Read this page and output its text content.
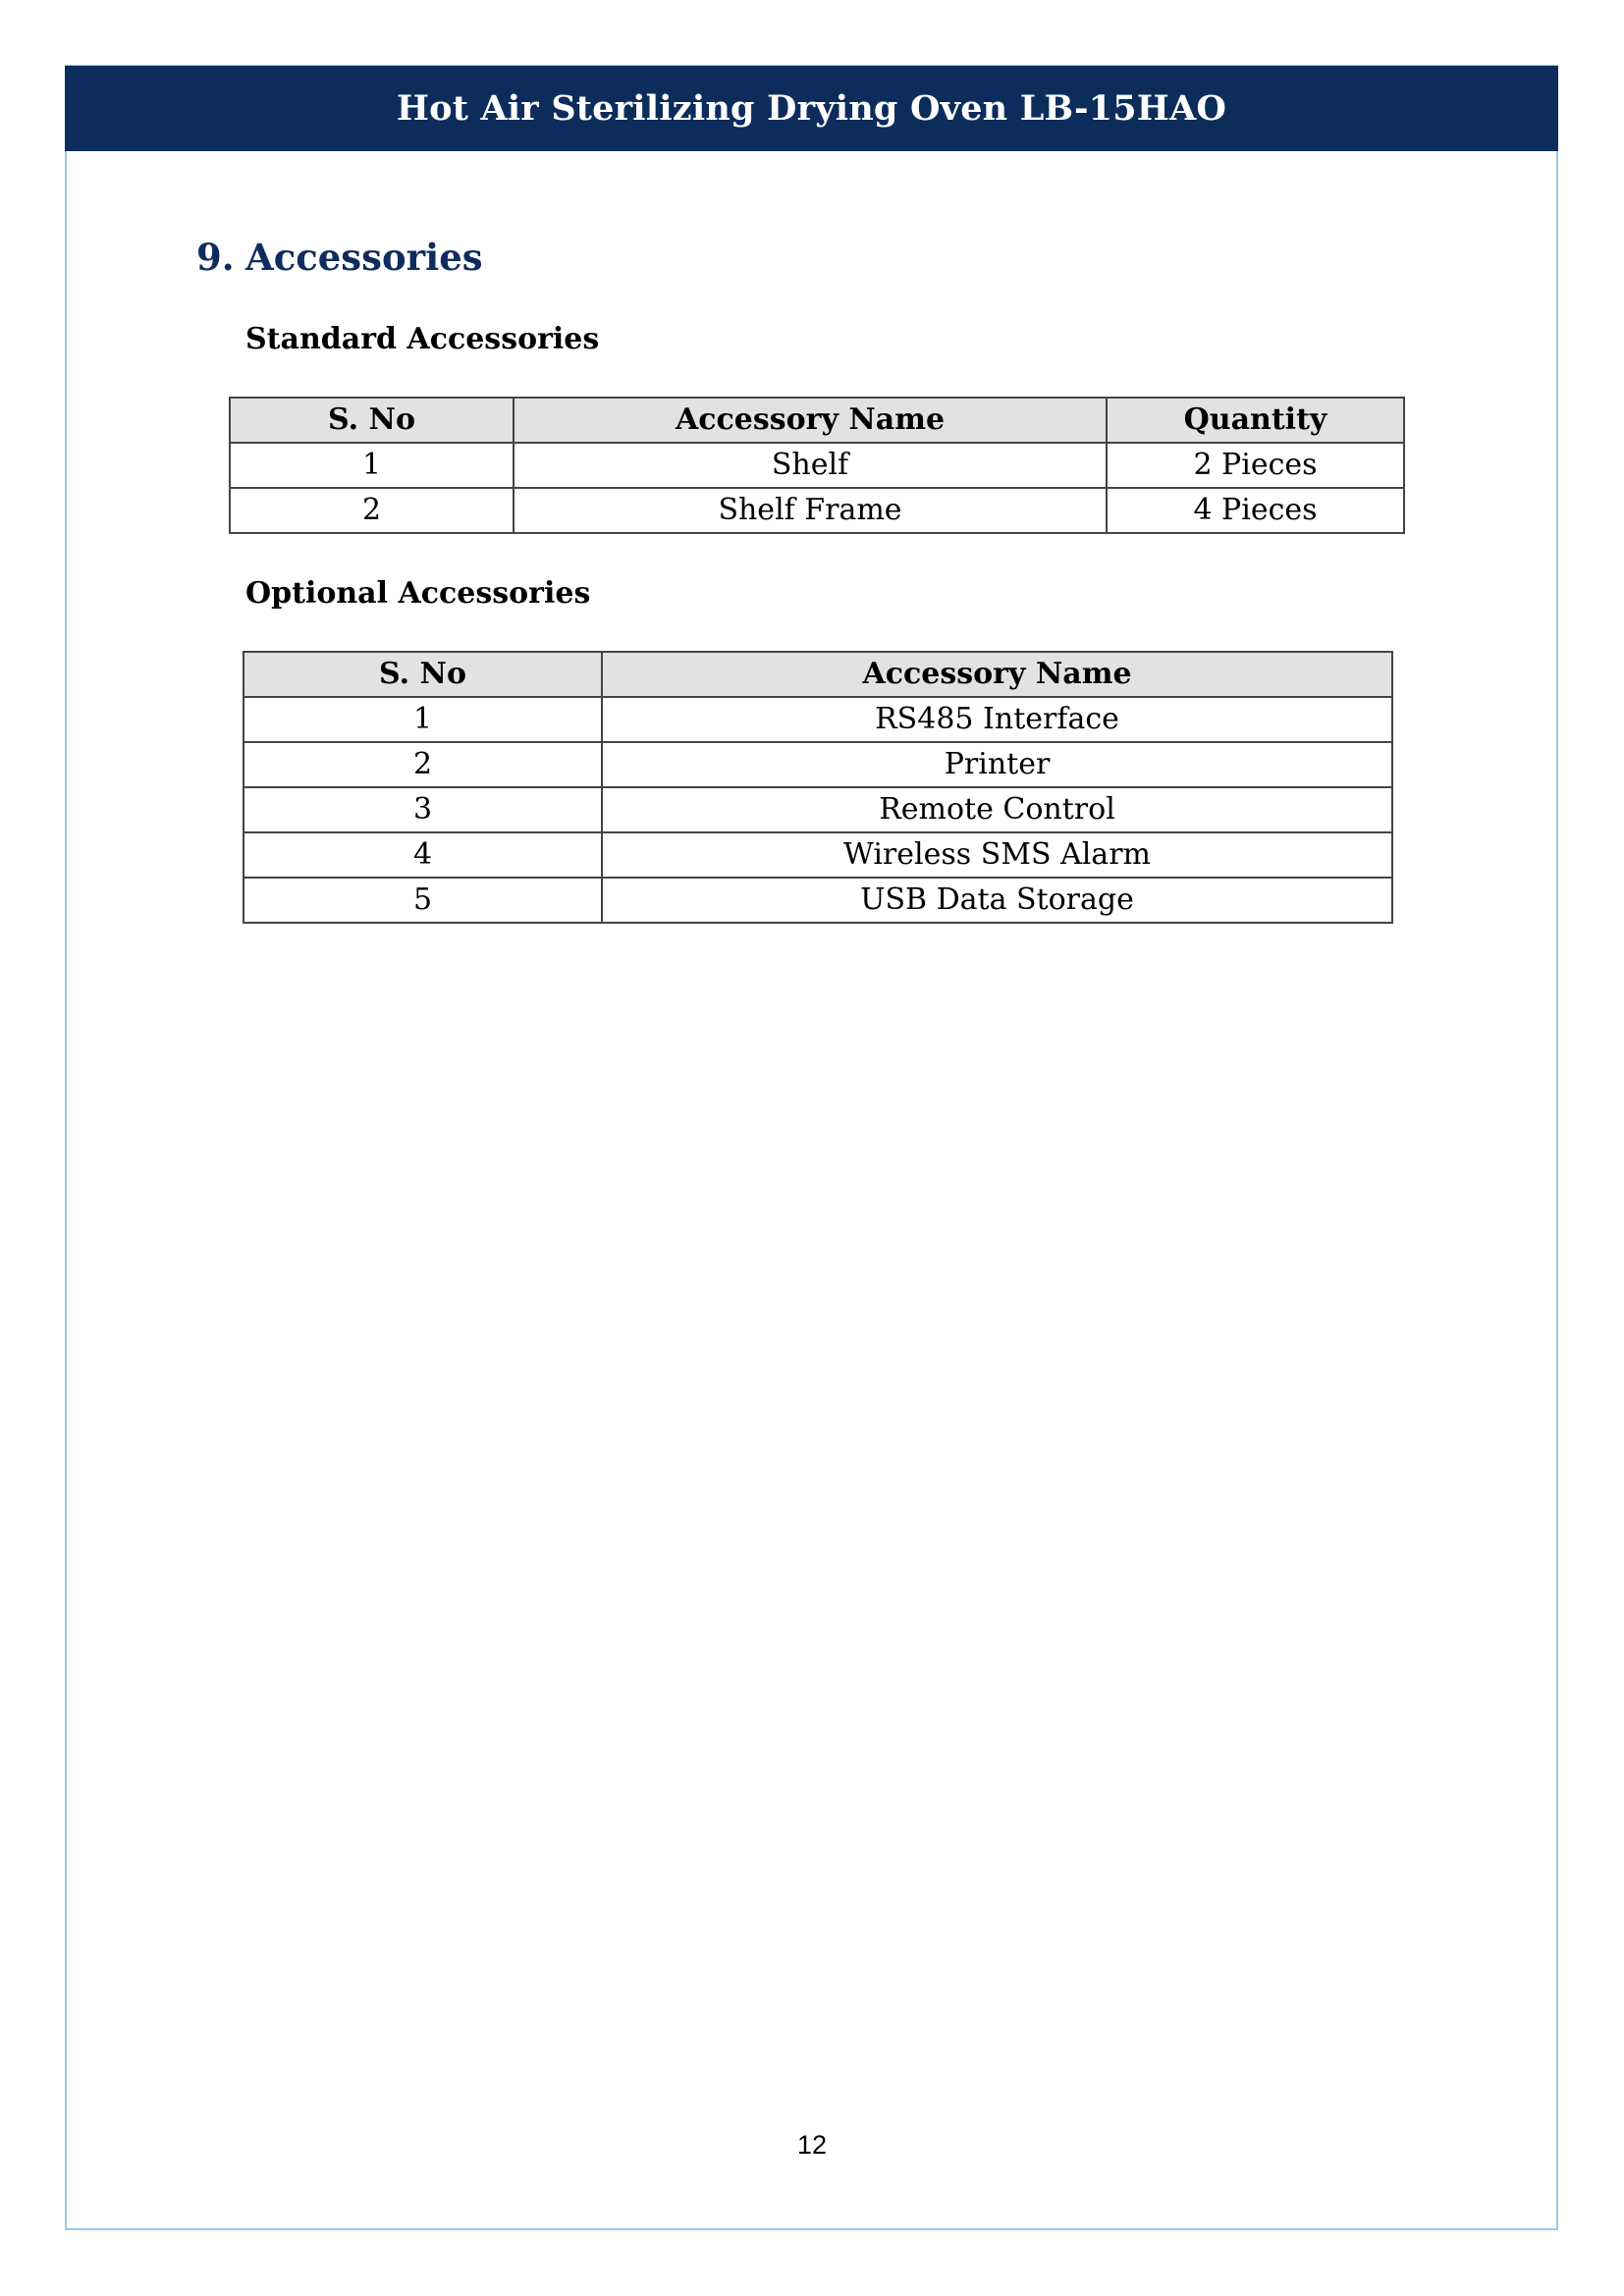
Hot Air Sterilizing Drying Oven LB-15HAO
9. Accessories
Standard Accessories
S. No	Accessory Name	Quantity
1	Shelf	2 Pieces
2	Shelf Frame	4 Pieces
Optional Accessories
S. No	Accessory Name
1	RS485 Interface
2	Printer
3	Remote Control
4	Wireless SMS Alarm
5	USB Data Storage
12
